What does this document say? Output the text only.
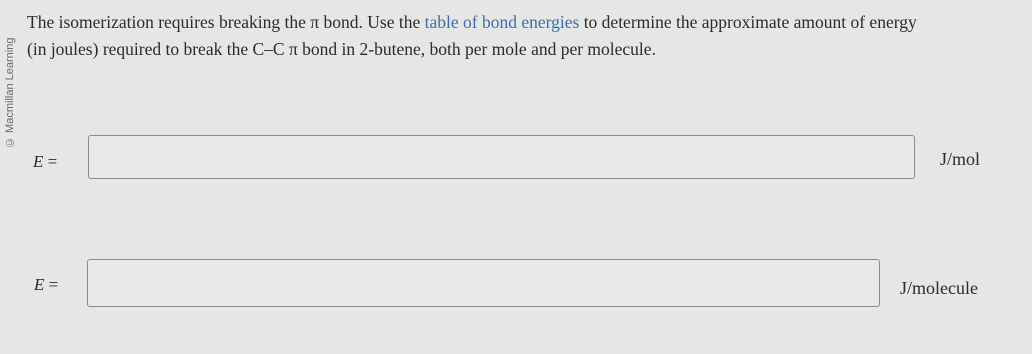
© Macmillan Learning

The isomerization requires breaking the π bond. Use the table of bond energies to determine the approximate amount of energy

(in joules) required to break the C–C π bond in 2-butene, both per mole and per molecule.

E =	J/mol
E =	J/molecule
